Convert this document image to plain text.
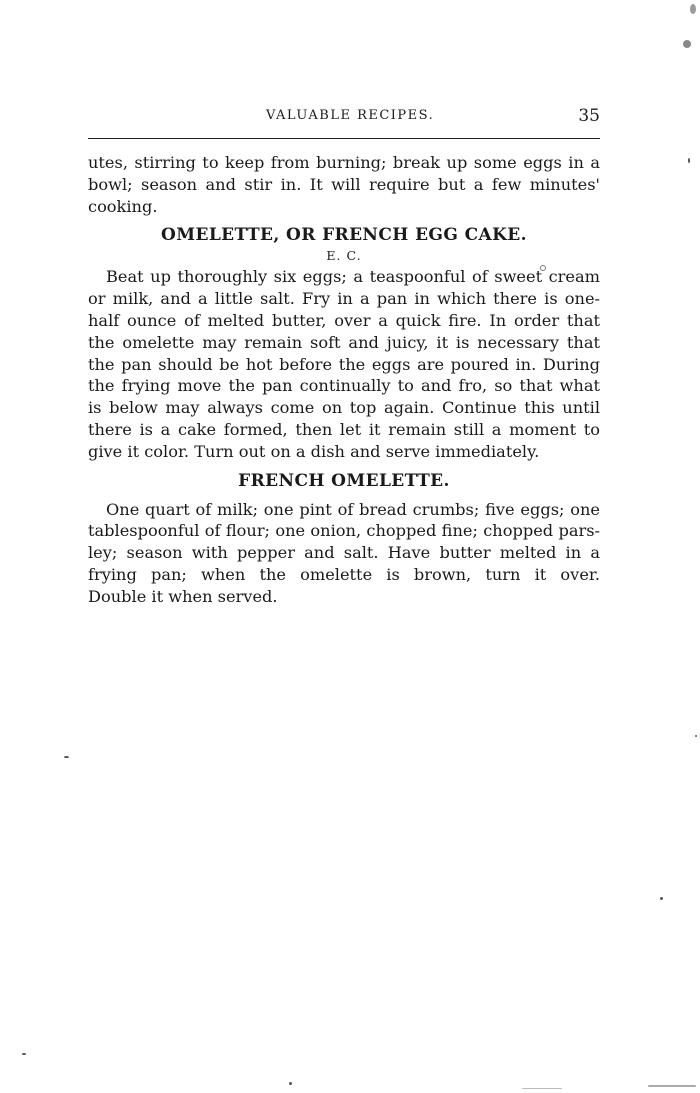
VALUABLE RECIPES.	35

utes, stirring to keep from burning; break up some eggs in a
bowl; season and stir in. It will require but a few minutes'
cooking.

OMELETTE, OR FRENCH EGG CAKE.
E. C.

Beat up thoroughly six eggs; a teaspoonful of sweet cream
or milk, and a little salt. Fry in a pan in which there is one-
half ounce of melted butter, over a quick fire. In order that
the omelette may remain soft and juicy, it is necessary that
the pan should be hot before the eggs are poured in. During
the frying move the pan continually to and fro, so that what
is below may always come on top again. Continue this until
there is a cake formed, then let it remain still a moment to
give it color. Turn out on a dish and serve immediately.

FRENCH OMELETTE.

One quart of milk; one pint of bread crumbs; five eggs; one
tablespoonful of flour; one onion, chopped fine; chopped pars-
ley; season with pepper and salt. Have butter melted in a
frying pan; when the omelette is brown, turn it over.
Double it when served.
